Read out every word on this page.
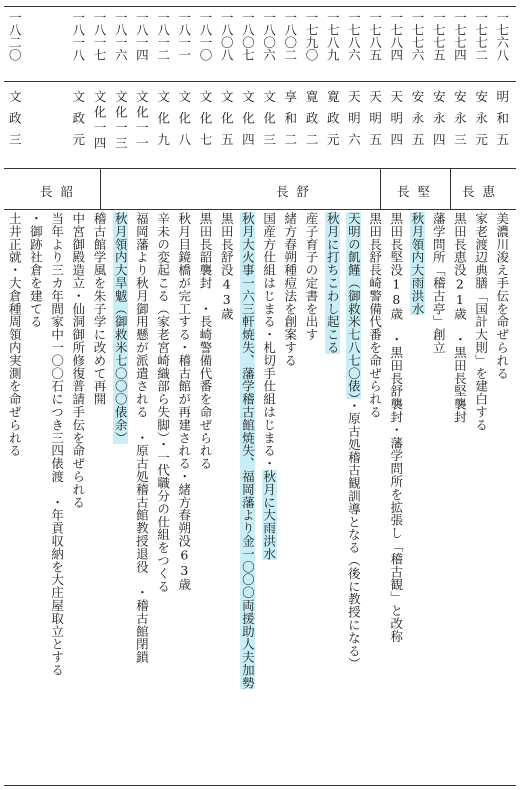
長恵
長堅
長舒
長韶
一七六八
明和五
美濃川浚え手伝を命ぜられる
一七七二
安永元
家老渡辺典膳「国計大則」を建白する
一七七四
安永三
黒田長恵没21歳　・黒田長堅襲封
一七七五
安永四
藩学問所「稽古亭」創立
一七七六
安永五
秋月領内大雨洪水
一七八四
天明四
黒田長堅没18歳　・黒田長舒襲封・藩学問所を拡張し「稽古観」と改称
一七八五
天明五
黒田長舒長崎警備代番を命ぜられる
一七八六
天明六
天明の飢饉（御救米七八七〇俵）・原古処稽古観訓導となる（後に教授になる）
一七八九
寛政元
秋月に打ちこわし起こる
一七九〇
寛政二
産子育子の定書を出す
一八〇二
享和二
緒方春朔種痘法を創案する
一八〇六
文化三
国産方仕組はじまる・札切手仕組はじまる・秋月に大雨洪水
一八〇七
文化四
秋月大火事一六三軒焼失、藩学稽古館焼失、福岡藩より金一〇〇〇両援助人夫加勢
一八〇八
文化五
黒田長舒没43歳
一八一〇
文化七
黒田長韶襲封　・長崎警備代番を命ぜられる
一八一一
文化八
秋月目鏡橋が完工する・稽古館が再建される・緒方春朔没63歳
一八一二
文化九
辛未の変起こる（家老宮崎織部ら失脚）・一代職分の仕組をつくる
一八一四
文化一一
福岡藩より秋月御用懸が派遣される　・原古処稽古館教授退役　・稽古館閉鎖
一八一六
文化一三
秋月領内大旱魃（御救米七〇〇〇俵余）
一八一七
文化一四
稽古館学風を朱子学に改めて再開
一八一八
文政元
中宮御殿造立・仙洞御所修復普請手伝を命ぜられる
当年より三カ年間家中一〇〇石につき三四俵渡　・年貢収納を大庄屋取立とする
・御跡社倉を建てる
一八二〇
文政三
土井正就・大倉種周領内実測を命ぜられる
